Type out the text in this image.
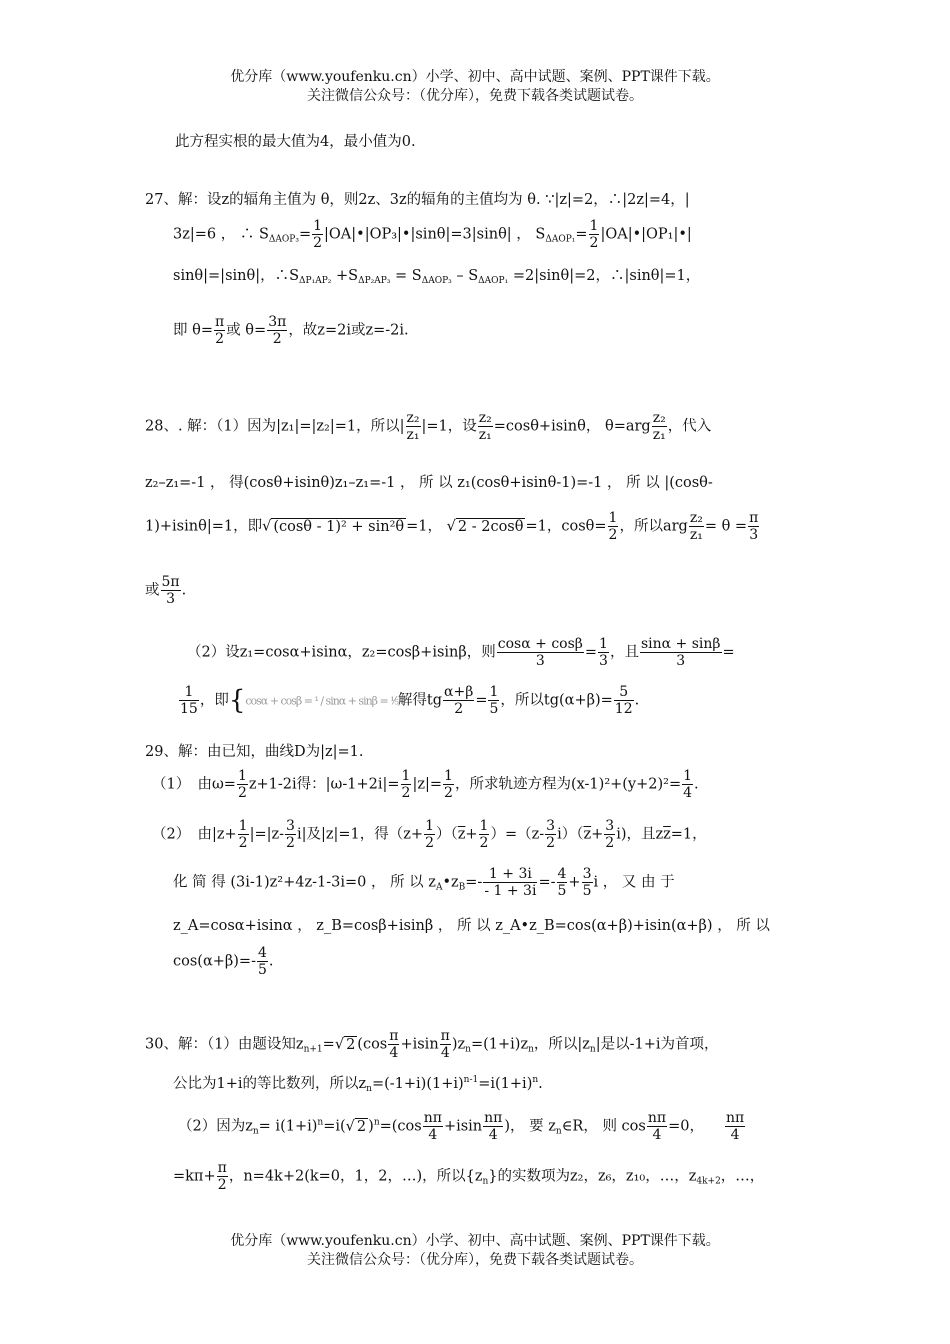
优分库（www.youfenku.cn）小学、初中、高中试题、案例、PPT课件下载。
关注微信公众号：（优分库），免费下载各类试题试卷。
此方程实根的最大值为4，最小值为0.
27、解：设z的辐角主值为 θ，则2z、3z的辐角的主值均为 θ. ∵|z|=2，∴|2z|=4，|
3z|=6 ， ∴ $S_{\Delta AOP_3}= \frac{1}{2}$ |OA|•|OP₃|•|sinθ|=3|sinθ| ， $S_{\Delta AOP_1}= \frac{1}{2}$ |OA|•|OP₁|•|
sinθ|=|sinθ|，$\therefore S_{\Delta P_1AP_2} +S_{\Delta P_2AP_3} = S_{\Delta AOP_3} - S_{\Delta AOP_1} =2|\sin\theta|=2$，∴|sinθ|=1，
即 $\theta= \frac{\pi}{2}$ 或 $\theta= \frac{3\pi}{2}$ ，故z=2i或z=-2i.
28、. 解：（1）因为|z₁|=|z₂|=1，所以| $\frac{\text{z₂}}{\text{z₁}} |=1$，设 $\frac{\text{z₂}}{\text{z₁}} =\cos\theta+isin\theta$， $\theta=arg \frac{\text{z₂}}{\text{z₁}}$ ，代入
z₂–z₁=-1 ， 得(cosθ+isinθ)z₁–z₁=-1 ， 所 以 z₁(cosθ+isinθ-1)=-1 ， 所 以 |(cosθ-
1)+isinθ|=1，即√ (cosθ - 1)² + sin²θ =1， √ 2 - 2cosθ =1，$\cos\theta= \frac{1}{2}$ ，所以arg $\frac{\text{z₂}}{\text{z₁}} = \theta = \frac{\pi}{3}$
或 $\frac{5\pi}{3}$ .
（2）设z₁=cosα+isinα，z₂=cosβ+isinβ，则 $\frac{\cos\alpha + \cos\beta}{3} = \frac{1}{3}$ ，且 $\frac{\sin\alpha + \sin\beta}{3}$ =
$\frac{1}{15}$ ，即{cosα + cosβ = ¹ / sinα + sinβ = ¹⁄₅解得tg $\frac{\alpha+\beta}{2} = \frac{1}{5}$ ，所以$tg(\alpha+\beta)= \frac{5}{12}$ .
29、解：由已知，曲线D为|z|=1.
（1）　由$\omega= \frac{1}{2} z+1-2i$得：$|\omega-1+2i|= \frac{1}{2} |z|= \frac{1}{2}$ ，所求轨迹方程为$(x-1)^2+(y+2)^2= \frac{1}{4}$ .
（2）　由$|z+ \frac{1}{2} |=|z- \frac{3}{2} i|$及|z|=1，得$(z+ \frac{1}{2} )(\overline{z}+ \frac{1}{2} )=(z- \frac{3}{2} i)(\overline{z}+ \frac{3}{2} i)$，且$z\overline{z}=1$，
化 简 得 (3i-1)z²+4z-1-3i=0 ， 所 以 $z_A•z_B=- \frac{1 + 3i}{- 1 + 3i} =- \frac{4}{5} + \frac{3}{5}$ i ， 又 由 于
z_A=cosα+isinα ， z_B=cosβ+isinβ ， 所 以 z_A•z_B=cos(α+β)+isin(α+β) ， 所 以
$\cos(\alpha+\beta)=- \frac{4}{5}$ .
30、解：（1）由题设知$z_{n+1}=√$ 2 $(\cos \frac{\pi}{4} +isin \frac{\pi}{4} )z_n=(1+i)z_n$，所以$|z_n|$是以-1+i为首项，
公比为1+i的等比数列，所以$z_n=(-1+i)(1+i)^{n-1}=i(1+i)^n$.
（2）因为$z_n= i(1+i)^n=i(√$ 2 )$^n=(\cos \frac{n\pi}{4} +isin \frac{n\pi}{4}$ )， 要 $z_n\in R$， 则 $\cos \frac{n\pi}{4} =0$， $\frac{n\pi}{4}$
$=k\pi+ \frac{\pi}{2}$ ，n=4k+2(k=0，1，2，…)，所以$\{z_n\}$的实数项为z₂，z₆，z₁₀，…，$z_{4k+2}$，…，
优分库（www.youfenku.cn）小学、初中、高中试题、案例、PPT课件下载。
关注微信公众号：（优分库），免费下载各类试题试卷。
